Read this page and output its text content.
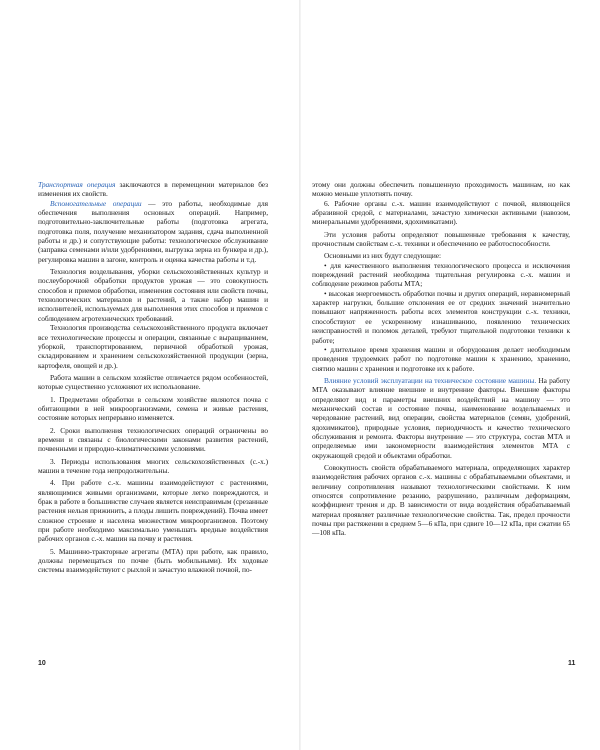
Транспортная операция заключаются в перемещении материалов без изменения их свойств.

Вспомогательные операции — это работы, необходимые для обеспечения выполнения основных операций. Например, подготовительно-заключительные работы (подготовка агрегата, подготовка поля, получение механизатором задания, сдача выполненной работы и др.) и сопутствующие работы: технологическое обслуживание (заправка семенами и/или удобрениями, выгрузка зерна из бункера и др.), регулировка машин в загоне, контроль и оценка качества работы и т.д.

Технология возделывания, уборки сельскохозяйственных культур и послеуборочной обработки продуктов урожая — это совокупность способов и приемов обработки, изменения состояния или свойств почвы, технологических материалов и растений, а также набор машин и исполнителей, используемых для выполнения этих способов и приемов с соблюдением агротехнических требований.

Технология производства сельскохозяйственного продукта включает все технологические процессы и операции, связанные с выращиванием, уборкой, транспортированием, первичной обработкой урожая, складированием и хранением сельскохозяйственной продукции (зерна, картофеля, овощей и др.).

Работа машин в сельском хозяйстве отличается рядом особенностей, которые существенно усложняют их использование.

1. Предметами обработки в сельском хозяйстве являются почва с обитающими в ней микроорганизмами, семена и живые растения, состояние которых непрерывно изменяется.

2. Сроки выполнения технологических операций ограничены во времени и связаны с биологическими законами развития растений, почвенными и природно-климатическими условиями.

3. Периоды использования многих сельскохозяйственных (с.-х.) машин в течение года непродолжительны.

4. При работе с.-х. машины взаимодействуют с растениями, являющимися живыми организмами, которые легко повреждаются, и брак в работе в большинстве случаев является неисправимым (срезанные растения нельзя прижинить, а плоды лишить повреждений). Почва имеет сложное строение и населена множеством микроорганизмов. Поэтому при работе необходимо максимально уменьшать вредные воздействия рабочих органов с.-х. машин на почву и растения.

5. Машинно-тракторные агрегаты (МТА) при работе, как правило, должны перемещаться по почве (быть мобильными). Их ходовые системы взаимодействуют с рыхлой и зачастую влажной почвой, по-

10

этому они должны обеспечить повышенную проходимость машинам, но как можно меньше уплотнять почву.

6. Рабочие органы с.-х. машин взаимодействуют с почвой, являющейся абразивной средой, с материалами, зачастую химически активными (навозом, минеральными удобрениями, ядохимикатами).

Эти условия работы определяют повышенные требования к качеству, прочностным свойствам с.-х. техники и обеспечению ее работоспособности.

Основными из них будут следующие:

• для качественного выполнения технологического процесса и исключения повреждений растений необходима тщательная регулировка с.-х. машин и соблюдение режимов работы МТА;

• высокая энергоемкость обработки почвы и других операций, неравномерный характер нагрузки, большие отклонения ее от средних значений значительно повышают напряженность работы всех элементов конструкции с.-х. техники, способствуют ее ускоренному изнашиванию, появлению технических неисправностей и поломок деталей, требуют тщательной подготовки техники к работе;

• длительное время хранения машин и оборудования делает необходимым проведения трудоемких работ по подготовке машин к хранению, хранению, снятию машин с хранения и подготовке их к работе.

Влияние условий эксплуатации на техническое состояние машины. На работу МТА оказывают влияние внешние и внутренние факторы. Внешние факторы определяют вид и параметры внешних воздействий на машину — это механический состав и состояние почвы, наименование возделываемых и чередование растений, вид операции, свойства материалов (семян, удобрений, ядохимикатов), природные условия, периодичность и качество технического обслуживания и ремонта. Факторы внутренние — это структура, состав МТА и определяемые ими закономерности взаимодействия элементов МТА с окружающей средой и объектами обработки.

Совокупность свойств обрабатываемого материала, определяющих характер взаимодействия рабочих органов с.-х. машины с обрабатываемыми объектами, и величину сопротивления называют технологическими свойствами. К ним относятся сопротивление резанию, разрушению, различным деформациям, коэффициент трения и др. В зависимости от вида воздействия обрабатываемый материал проявляет различные технологические свойства. Так, предел прочности почвы при растяжении в среднем 5—6 кПа, при сдвиге 10—12 кПа, при сжатии 65—108 кПа.

11
